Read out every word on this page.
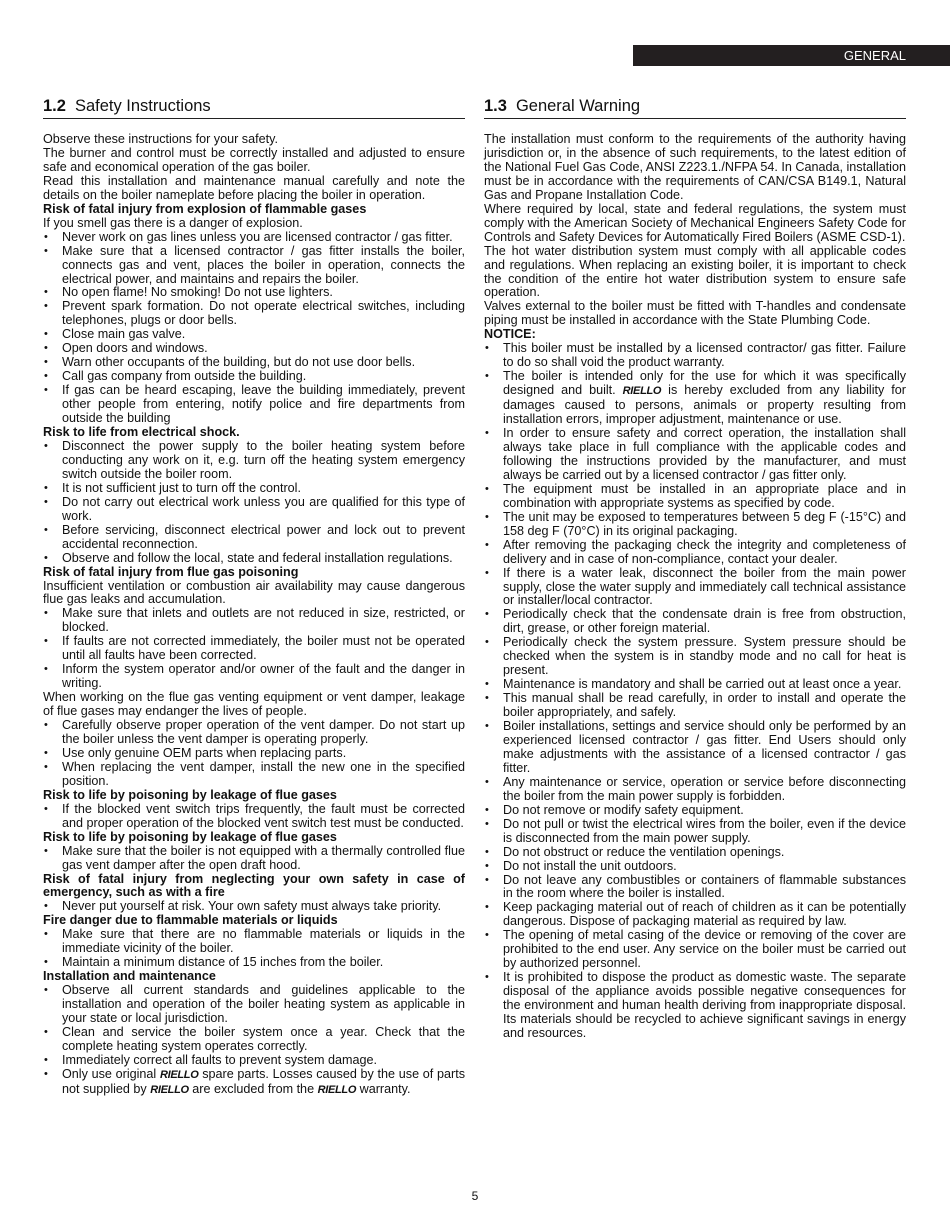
GENERAL
1.2 Safety Instructions
Observe these instructions for your safety.
The burner and control must be correctly installed and adjusted to ensure safe and economical operation of the gas boiler.
Read this installation and maintenance manual carefully and note the details on the boiler nameplate before placing the boiler in operation.
Risk of fatal injury from explosion of flammable gases
If you smell gas there is a danger of explosion.
• Never work on gas lines unless you are licensed contractor / gas fitter.
• Make sure that a licensed contractor / gas fitter installs the boiler, connects gas and vent, places the boiler in operation, connects the electrical power, and maintains and repairs the boiler.
• No open flame! No smoking! Do not use lighters.
• Prevent spark formation. Do not operate electrical switches, including telephones, plugs or door bells.
• Close main gas valve.
• Open doors and windows.
• Warn other occupants of the building, but do not use door bells.
• Call gas company from outside the building.
• If gas can be heard escaping, leave the building immediately, prevent other people from entering, notify police and fire departments from outside the building
Risk to life from electrical shock.
• Disconnect the power supply to the boiler heating system before conducting any work on it, e.g. turn off the heating system emergency switch outside the boiler room.
• It is not sufficient just to turn off the control.
• Do not carry out electrical work unless you are qualified for this type of work.
• Before servicing, disconnect electrical power and lock out to prevent accidental reconnection.
• Observe and follow the local, state and federal installation regulations.
Risk of fatal injury from flue gas poisoning
Insufficient ventilation or combustion air availability may cause dangerous flue gas leaks and accumulation.
• Make sure that inlets and outlets are not reduced in size, restricted, or blocked.
• If faults are not corrected immediately, the boiler must not be operated until all faults have been corrected.
• Inform the system operator and/or owner of the fault and the danger in writing.
When working on the flue gas venting equipment or vent damper, leakage of flue gases may endanger the lives of people.
• Carefully observe proper operation of the vent damper. Do not start up the boiler unless the vent damper is operating properly.
• Use only genuine OEM parts when replacing parts.
• When replacing the vent damper, install the new one in the specified position.
Risk to life by poisoning by leakage of flue gases
• If the blocked vent switch trips frequently, the fault must be corrected and proper operation of the blocked vent switch test must be conducted.
Risk to life by poisoning by leakage of flue gases
• Make sure that the boiler is not equipped with a thermally controlled flue gas vent damper after the open draft hood.
Risk of fatal injury from neglecting your own safety in case of emergency, such as with a fire
• Never put yourself at risk. Your own safety must always take priority.
Fire danger due to flammable materials or liquids
• Make sure that there are no flammable materials or liquids in the immediate vicinity of the boiler.
• Maintain a minimum distance of 15 inches from the boiler.
Installation and maintenance
• Observe all current standards and guidelines applicable to the installation and operation of the boiler heating system as applicable in your state or local jurisdiction.
• Clean and service the boiler system once a year. Check that the complete heating system operates correctly.
• Immediately correct all faults to prevent system damage.
• Only use original RIELLO spare parts. Losses caused by the use of parts not supplied by RIELLO are excluded from the RIELLO warranty.
1.3 General Warning
The installation must conform to the requirements of the authority having jurisdiction or, in the absence of such requirements, to the latest edition of the National Fuel Gas Code, ANSI Z223.1./NFPA 54. In Canada, installation must be in accordance with the requirements of CAN/CSA B149.1, Natural Gas and Propane Installation Code.
Where required by local, state and federal regulations, the system must comply with the American Society of Mechanical Engineers Safety Code for Controls and Safety Devices for Automatically Fired Boilers (ASME CSD-1).
The hot water distribution system must comply with all applicable codes and regulations. When replacing an existing boiler, it is important to check the condition of the entire hot water distribution system to ensure safe operation.
Valves external to the boiler must be fitted with T-handles and condensate piping must be installed in accordance with the State Plumbing Code.
NOTICE:
• This boiler must be installed by a licensed contractor/ gas fitter. Failure to do so shall void the product warranty.
• The boiler is intended only for the use for which it was specifically designed and built. RIELLO is hereby excluded from any liability for damages caused to persons, animals or property resulting from installation errors, improper adjustment, maintenance or use.
• In order to ensure safety and correct operation, the installation shall always take place in full compliance with the applicable codes and following the instructions provided by the manufacturer, and must always be carried out by a licensed contractor / gas fitter only.
• The equipment must be installed in an appropriate place and in combination with appropriate systems as specified by code.
• The unit may be exposed to temperatures between 5 deg F (-15°C) and 158 deg F (70°C) in its original packaging.
• After removing the packaging check the integrity and completeness of delivery and in case of non-compliance, contact your dealer.
• If there is a water leak, disconnect the boiler from the main power supply, close the water supply and immediately call technical assistance or installer/local contractor.
• Periodically check that the condensate drain is free from obstruction, dirt, grease, or other foreign material.
• Periodically check the system pressure. System pressure should be checked when the system is in standby mode and no call for heat is present.
• Maintenance is mandatory and shall be carried out at least once a year.
• This manual shall be read carefully, in order to install and operate the boiler appropriately, and safely.
• Boiler installations, settings and service should only be performed by an experienced licensed contractor / gas fitter. End Users should only make adjustments with the assistance of a licensed contractor / gas fitter.
• Any maintenance or service, operation or service before disconnecting the boiler from the main power supply is forbidden.
• Do not remove or modify safety equipment.
• Do not pull or twist the electrical wires from the boiler, even if the device is disconnected from the main power supply.
• Do not obstruct or reduce the ventilation openings.
• Do not install the unit outdoors.
• Do not leave any combustibles or containers of flammable substances in the room where the boiler is installed.
• Keep packaging material out of reach of children as it can be potentially dangerous. Dispose of packaging material as required by law.
• The opening of metal casing of the device or removing of the cover are prohibited to the end user. Any service on the boiler must be carried out by authorized personnel.
• It is prohibited to dispose the product as domestic waste. The separate disposal of the appliance avoids possible negative consequences for the environment and human health deriving from inappropriate disposal. Its materials should be recycled to achieve significant savings in energy and resources.
5
